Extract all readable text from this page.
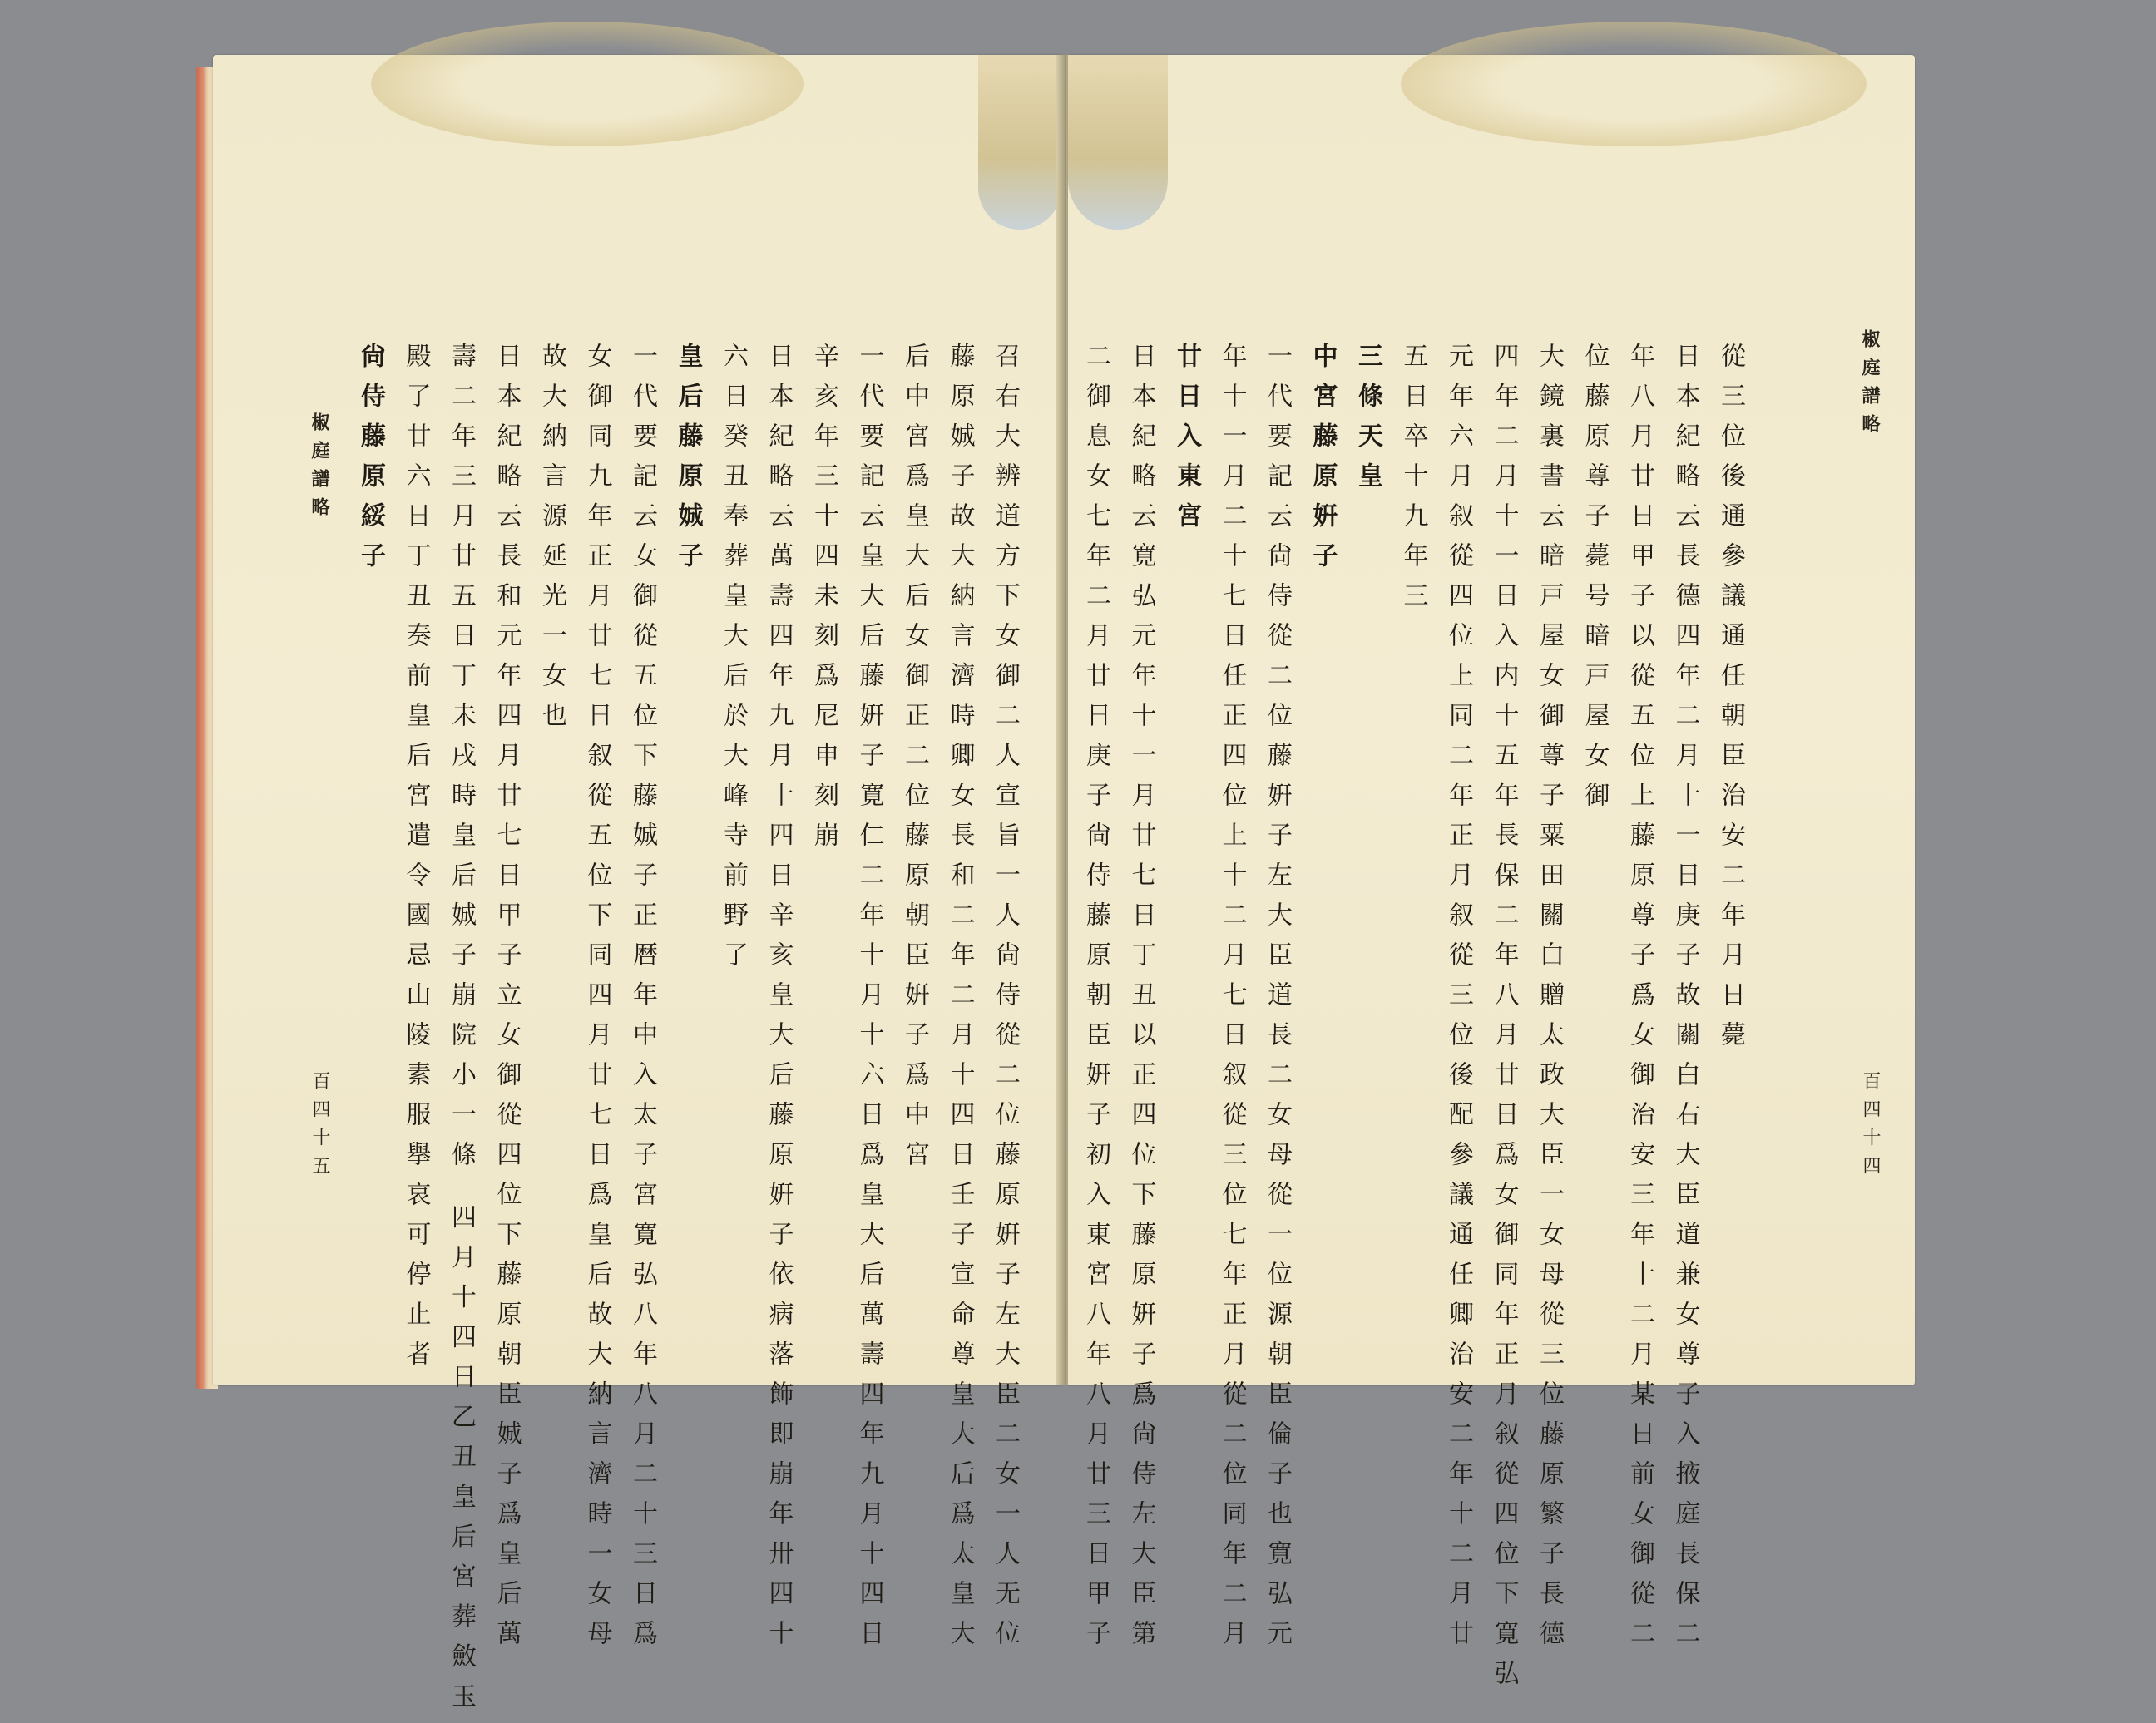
召右大辨道方下女御二人宣旨一人尙侍從二位藤原姸子左大臣二女一人无位
藤原娍子故大納言濟時卿女長和二年二月十四日壬子宣命尊皇大后爲太皇大
后中宮爲皇大后女御正二位藤原朝臣姸子爲中宮
一代要記云皇大后藤姸子寛仁二年十月十六日爲皇大后萬壽四年九月十四日
辛亥年三十四未刻爲尼申刻崩
日本紀略云萬壽四年九月十四日辛亥皇大后藤原姸子依病落飾即崩年卅四十
六日癸丑奉葬皇大后於大峰寺前野了
皇后藤原娍子
一代要記云女御從五位下藤娍子正暦年中入太子宮寛弘八年八月二十三日爲
女御同九年正月廿七日叙從五位下同四月廿七日爲皇后故大納言濟時一女母
故大納言源延光一女也
日本紀略云長和元年四月廿七日甲子立女御從四位下藤原朝臣娍子爲皇后萬
壽二年三月廿五日丁未戌時皇后娍子崩院小一條 四月十四日乙丑皇后宮葬斂玉
殿了廿六日丁丑奏前皇后宮遣令國忌山陵素服擧哀可停止者
尙侍藤原綏子
椒庭譜略
百四十五
從三位後通參議通任朝臣治安二年月日薨
日本紀略云長德四年二月十一日庚子故關白右大臣道兼女尊子入掖庭長保二
年八月廿日甲子以從五位上藤原尊子爲女御治安三年十二月某日前女御從二
位藤原尊子薨号暗戸屋女御
大鏡裏書云暗戸屋女御尊子粟田關白贈太政大臣一女母從三位藤原繁子長德
四年二月十一日入内十五年長保二年八月廿日爲女御同年正月叙從四位下寛弘
元年六月叙從四位上同二年正月叙從三位後配參議通任卿治安二年十二月廿
五日卒十九年三
三條天皇
中宮藤原姸子
一代要記云尙侍從二位藤姸子左大臣道長二女母從一位源朝臣倫子也寛弘元
年十一月二十七日任正四位上十二月七日叙從三位七年正月從二位同年二月
廿日入東宮
日本紀略云寛弘元年十一月廿七日丁丑以正四位下藤原姸子爲尙侍左大臣第
二御息女七年二月廿日庚子尙侍藤原朝臣姸子初入東宮八年八月廿三日甲子	椒庭譜略
百四十四
